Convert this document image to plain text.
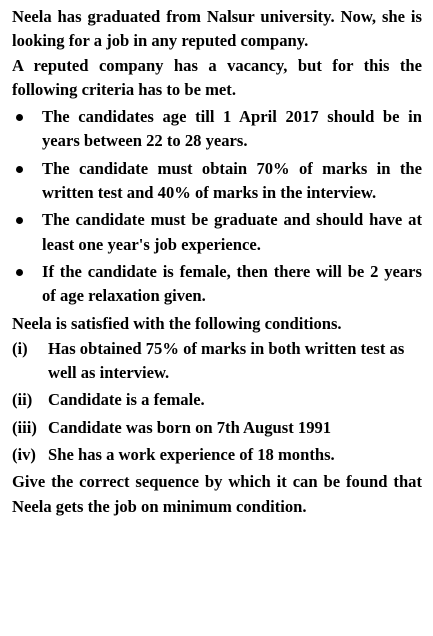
Neela has graduated from Nalsur university. Now, she is looking for a job in any reputed company.

A reputed company has a vacancy, but for this the following criteria has to be met.

The candidates age till 1 April 2017 should be in years between 22 to 28 years.
The candidate must obtain 70% of marks in the written test and 40% of marks in the interview.
The candidate must be graduate and should have at least one year's job experience.
If the candidate is female, then there will be 2 years of age relaxation given.

Neela is satisfied with the following conditions.

(i) Has obtained 75% of marks in both written test as well as interview.
(ii) Candidate is a female.
(iii) Candidate was born on 7th August 1991
(iv) She has a work experience of 18 months.

Give the correct sequence by which it can be found that Neela gets the job on minimum condition.
